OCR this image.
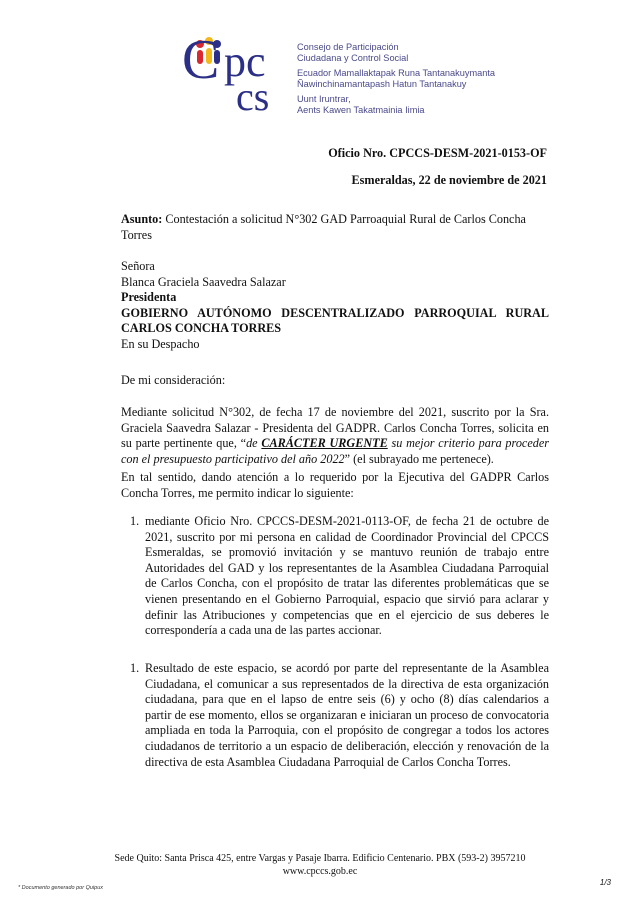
C pc
cs
Consejo de Participación
Ciudadana y Control Social
Ecuador Mamallaktapak Runa Tantanakuymanta
Ñawinchinamantapash Hatun Tantanakuy
Uunt Iruntrar,
Aents Kawen Takatmainia Iimia
Oficio Nro. CPCCS-DESM-2021-0153-OF
Esmeraldas, 22 de noviembre de 2021
Asunto: Contestación a solicitud N°302 GAD Parroaquial Rural de Carlos Concha Torres
Señora
Blanca Graciela Saavedra Salazar
Presidenta
GOBIERNO AUTÓNOMO DESCENTRALIZADO PARROQUIAL RURAL
CARLOS CONCHA TORRES
En su Despacho
De mi consideración:
Mediante solicitud N°302, de fecha 17 de noviembre del 2021, suscrito por la Sra. Graciela Saavedra Salazar - Presidenta del GADPR. Carlos Concha Torres, solicita en su parte pertinente que, “de CARÁCTER URGENTE su mejor criterio para proceder con el presupuesto participativo del año 2022” (el subrayado me pertenece).
En tal sentido, dando atención a lo requerido por la Ejecutiva del GADPR Carlos Concha Torres, me permito indicar lo siguiente:
1. mediante Oficio Nro. CPCCS-DESM-2021-0113-OF, de fecha 21 de octubre de 2021, suscrito por mi persona en calidad de Coordinador Provincial del CPCCS Esmeraldas, se promovió invitación y se mantuvo reunión de trabajo entre Autoridades del GAD y los representantes de la Asamblea Ciudadana Parroquial de Carlos Concha, con el propósito de tratar las diferentes problemáticas que se vienen presentando en el Gobierno Parroquial, espacio que sirvió para aclarar y definir las Atribuciones y competencias que en el ejercicio de sus deberes le correspondería a cada una de las partes accionar.
1. Resultado de este espacio, se acordó por parte del representante de la Asamblea Ciudadana, el comunicar a sus representados de la directiva de esta organización ciudadana, para que en el lapso de entre seis (6) y ocho (8) días calendarios a partir de ese momento, ellos se organizaran e iniciaran un proceso de convocatoria ampliada en toda la Parroquia, con el propósito de congregar a todos los actores ciudadanos de territorio a un espacio de deliberación, elección y renovación de la directiva de esta Asamblea Ciudadana Parroquial de Carlos Concha Torres.
Sede Quito: Santa Prisca 425, entre Vargas y Pasaje Ibarra. Edificio Centenario. PBX (593-2) 3957210
www.cpccs.gob.ec
* Documento generado por Quipux
1/3
